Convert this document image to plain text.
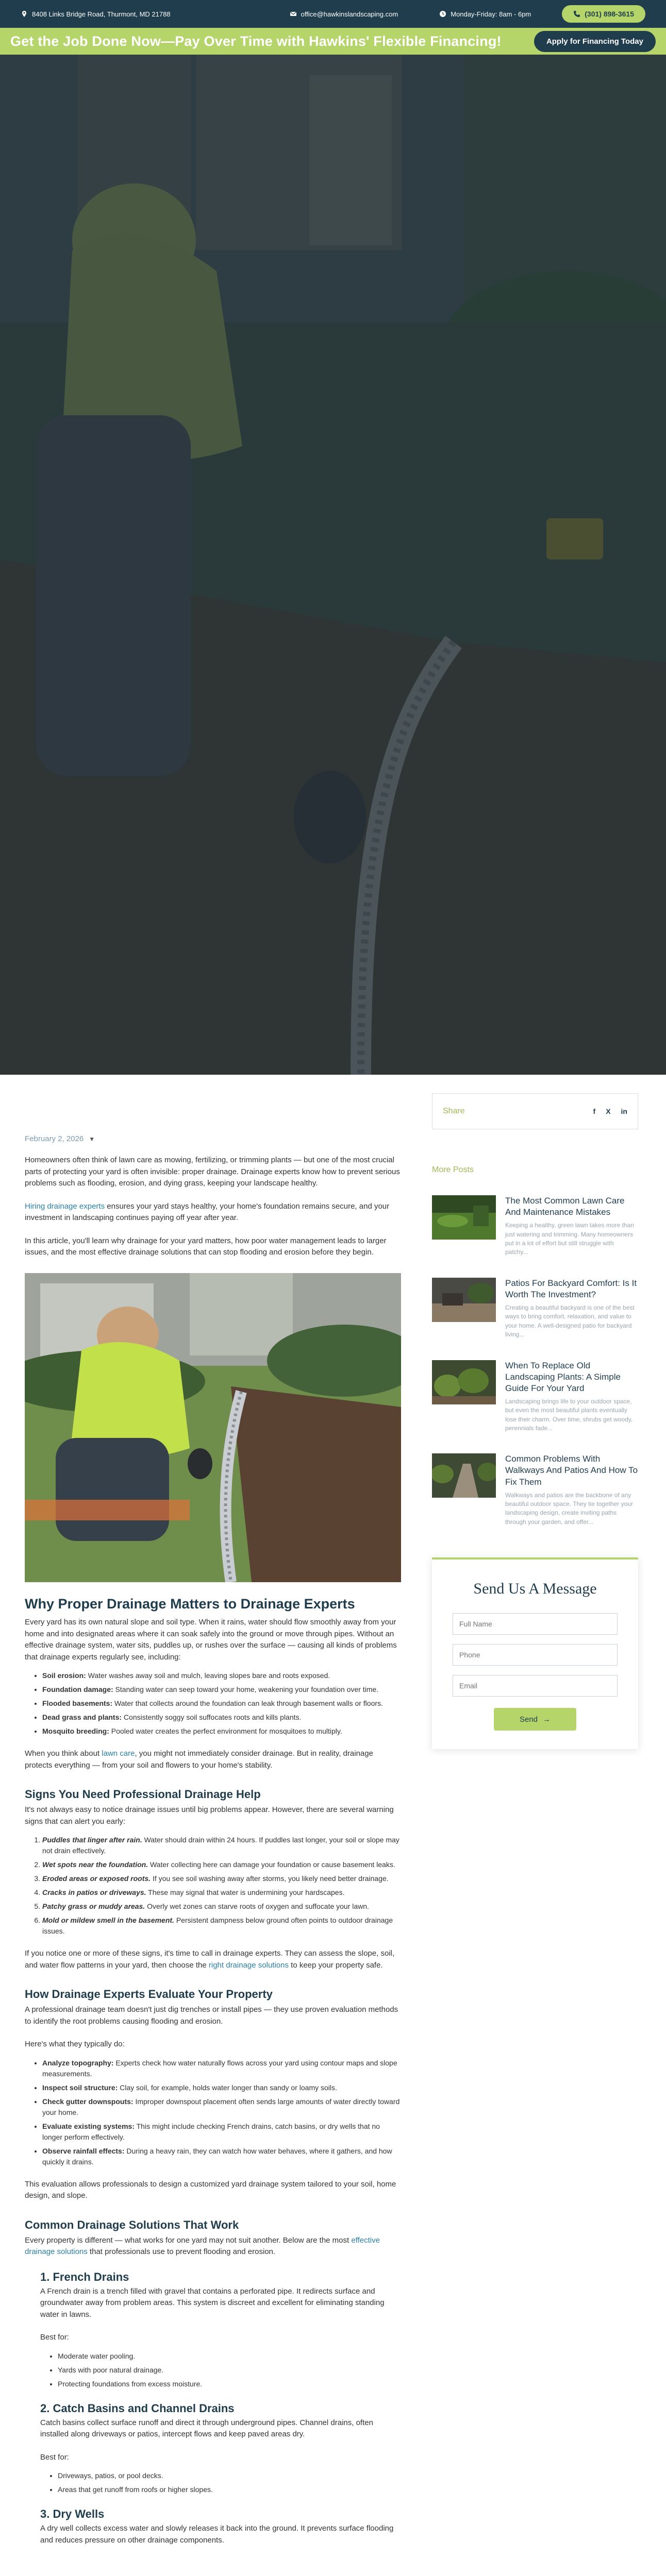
8408 Links Bridge Road, Thurmont, MD 21788	office@hawkinslandscaping.com	Monday-Friday: 8am - 6pm	(301) 898-3615
Get the Job Done Now—Pay Over Time with Hawkins' Flexible Financing!	Apply for Financing Today
February 2, 2026 ▼

Homeowners often think of lawn care as mowing, fertilizing, or trimming plants — but one of the most crucial parts of protecting your yard is often invisible: proper drainage. Drainage experts know how to prevent serious problems such as flooding, erosion, and dying grass, keeping your landscape healthy.

Hiring drainage experts ensures your yard stays healthy, your home's foundation remains secure, and your investment in landscaping continues paying off year after year.

In this article, you'll learn why drainage for your yard matters, how poor water management leads to larger issues, and the most effective drainage solutions that can stop flooding and erosion before they begin.

Why Proper Drainage Matters to Drainage Experts

Every yard has its own natural slope and soil type. When it rains, water should flow smoothly away from your home and into designated areas where it can soak safely into the ground or move through pipes. Without an effective drainage system, water sits, puddles up, or rushes over the surface — causing all kinds of problems that drainage experts regularly see, including:

• Soil erosion: Water washes away soil and mulch, leaving slopes bare and roots exposed.
• Foundation damage: Standing water can seep toward your home, weakening your foundation over time.
• Flooded basements: Water that collects around the foundation can leak through basement walls or floors.
• Dead grass and plants: Consistently soggy soil suffocates roots and kills plants.
• Mosquito breeding: Pooled water creates the perfect environment for mosquitoes to multiply.

When you think about lawn care, you might not immediately consider drainage. But in reality, drainage protects everything — from your soil and flowers to your home's stability.

Signs You Need Professional Drainage Help

It's not always easy to notice drainage issues until big problems appear. However, there are several warning signs that can alert you early:

1. Puddles that linger after rain. Water should drain within 24 hours. If puddles last longer, your soil or slope may not drain effectively.
2. Wet spots near the foundation. Water collecting here can damage your foundation or cause basement leaks.
3. Eroded areas or exposed roots. If you see soil washing away after storms, you likely need better drainage.
4. Cracks in patios or driveways. These may signal that water is undermining your hardscapes.
5. Patchy grass or muddy areas. Overly wet zones can starve roots of oxygen and suffocate your lawn.
6. Mold or mildew smell in the basement. Persistent dampness below ground often points to outdoor drainage issues.

If you notice one or more of these signs, it's time to call in drainage experts. They can assess the slope, soil, and water flow patterns in your yard, then choose the right drainage solutions to keep your property safe.

How Drainage Experts Evaluate Your Property

A professional drainage team doesn't just dig trenches or install pipes — they use proven evaluation methods to identify the root problems causing flooding and erosion.

Here's what they typically do:

• Analyze topography: Experts check how water naturally flows across your yard using contour maps and slope measurements.
• Inspect soil structure: Clay soil, for example, holds water longer than sandy or loamy soils.
• Check gutter downspouts: Improper downspout placement often sends large amounts of water directly toward your home.
• Evaluate existing systems: This might include checking French drains, catch basins, or dry wells that no longer perform effectively.
• Observe rainfall effects: During a heavy rain, they can watch how water behaves, where it gathers, and how quickly it drains.

This evaluation allows professionals to design a customized yard drainage system tailored to your soil, home design, and slope.

Common Drainage Solutions That Work

Every property is different — what works for one yard may not suit another. Below are the most effective drainage solutions that professionals use to prevent flooding and erosion.

1. French Drains

A French drain is a trench filled with gravel that contains a perforated pipe. It redirects surface and groundwater away from problem areas. This system is discreet and excellent for eliminating standing water in lawns.

Best for:

• Moderate water pooling.
• Yards with poor natural drainage.
• Protecting foundations from excess moisture.
2. Catch Basins and Channel Drains

Catch basins collect surface runoff and direct it through underground pipes. Channel drains, often installed along driveways or patios, intercept flows and keep paved areas dry.

Best for:

• Driveways, patios, or pool decks.
• Areas that get runoff from roofs or higher slopes.
3. Dry Wells

A dry well collects excess water and slowly releases it back into the ground. It prevents surface flooding and reduces pressure on other drainage components.

Share	f X in
More Posts
The Most Common Lawn Care And Maintenance Mistakes

Keeping a healthy, green lawn takes more than just watering and trimming. Many homeowners put in a lot of effort but still struggle with patchy...

Patios For Backyard Comfort: Is It Worth The Investment?

Creating a beautiful backyard is one of the best ways to bring comfort, relaxation, and value to your home. A well-designed patio for backyard living...

When To Replace Old Landscaping Plants: A Simple Guide For Your Yard

Landscaping brings life to your outdoor space, but even the most beautiful plants eventually lose their charm. Over time, shrubs get woody, perennials fade...

Common Problems With Walkways And Patios And How To Fix Them

Walkways and patios are the backbone of any beautiful outdoor space. They tie together your landscaping design, create inviting paths through your garden, and offer...

Send Us A Message
Full Name
Phone
Email
Send →
